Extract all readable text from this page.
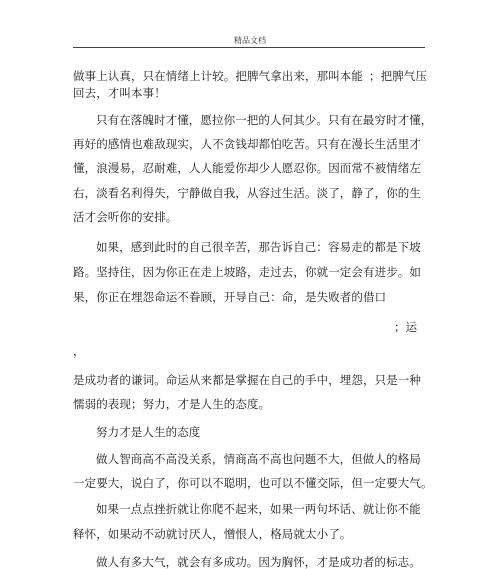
精品文档
做事上认真，只在情绪上计较。把脾气拿出来，那叫本能 ；把脾气压
回去，才叫本事！
只有在落魄时才懂，愿拉你一把的人何其少。只有在最穷时才懂，
再好的感情也难敌现实，人不贪钱却都怕吃苦。只有在漫长生活里才
懂，浪漫易，忍耐难，人人能爱你却少人愿忍你。因而常不被情绪左
右，淡看名利得失，宁静做自我，从容过生活。淡了，静了，你的生
活才会听你的安排。
如果，感到此时的自己很辛苦，那告诉自己：容易走的都是下坡
路。坚持住，因为你正在走上坡路，走过去，你就一定会有进步。如
果，你正在埋怨命运不眷顾，开导自己：命，是失败者的借口
；运
，
是成功者的谦词。命运从来都是掌握在自己的手中，埋怨，只是一种
懦弱的表现；努力，才是人生的态度。
努力才是人生的态度
做人智商高不高没关系，情商高不高也问题不大，但做人的格局
一定要大，说白了，你可以不聪明，也可以不懂交际，但一定要大气。
如果一点点挫折就让你爬不起来，如果一两句坏话、就让你不能
释怀，如果动不动就讨厌人，憎恨人，格局就太小了。
做人有多大气，就会有多成功。因为胸怀，才是成功者的标志。
